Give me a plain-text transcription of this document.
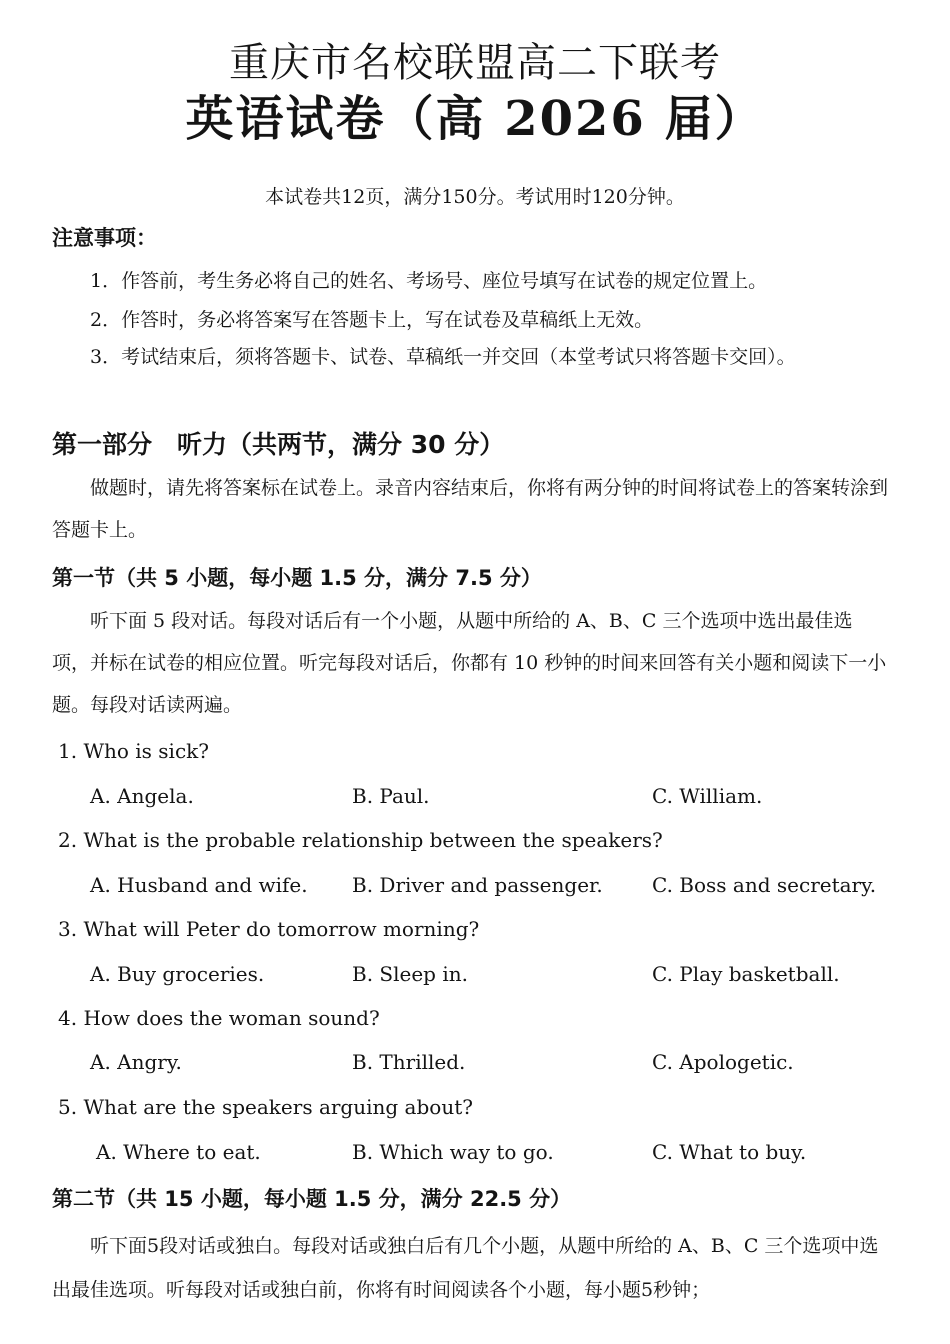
重庆市名校联盟高二下联考
英语试卷（高 2026 届）
本试卷共12页，满分150分。考试用时120分钟。
注意事项：
1．作答前，考生务必将自己的姓名、考场号、座位号填写在试卷的规定位置上。
2．作答时，务必将答案写在答题卡上，写在试卷及草稿纸上无效。
3．考试结束后，须将答题卡、试卷、草稿纸一并交回（本堂考试只将答题卡交回）。
第一部分　听力（共两节，满分 30 分）
做题时，请先将答案标在试卷上。录音内容结束后，你将有两分钟的时间将试卷上的答案转涂到答题卡上。
第一节（共 5 小题，每小题 1.5 分，满分 7.5 分）
听下面 5 段对话。每段对话后有一个小题，从题中所给的 A、B、C 三个选项中选出最佳选项，并标在试卷的相应位置。听完每段对话后，你都有 10 秒钟的时间来回答有关小题和阅读下一小题。每段对话读两遍。
1. Who is sick?
A. Angela.	B. Paul.	C. William.
2. What is the probable relationship between the speakers?
A. Husband and wife. B. Driver and passenger. C. Boss and secretary.
3. What will Peter do tomorrow morning?
A. Buy groceries.	B. Sleep in.	C. Play basketball.
4. How does the woman sound?
A. Angry.	B. Thrilled.	C. Apologetic.
5. What are the speakers arguing about?
A. Where to eat.	B. Which way to go.	C. What to buy.
第二节（共 15 小题，每小题 1.5 分，满分 22.5 分）
听下面5段对话或独白。每段对话或独白后有几个小题，从题中所给的 A、B、C 三个选项中选出最佳选项。听每段对话或独白前，你将有时间阅读各个小题，每小题5秒钟；
